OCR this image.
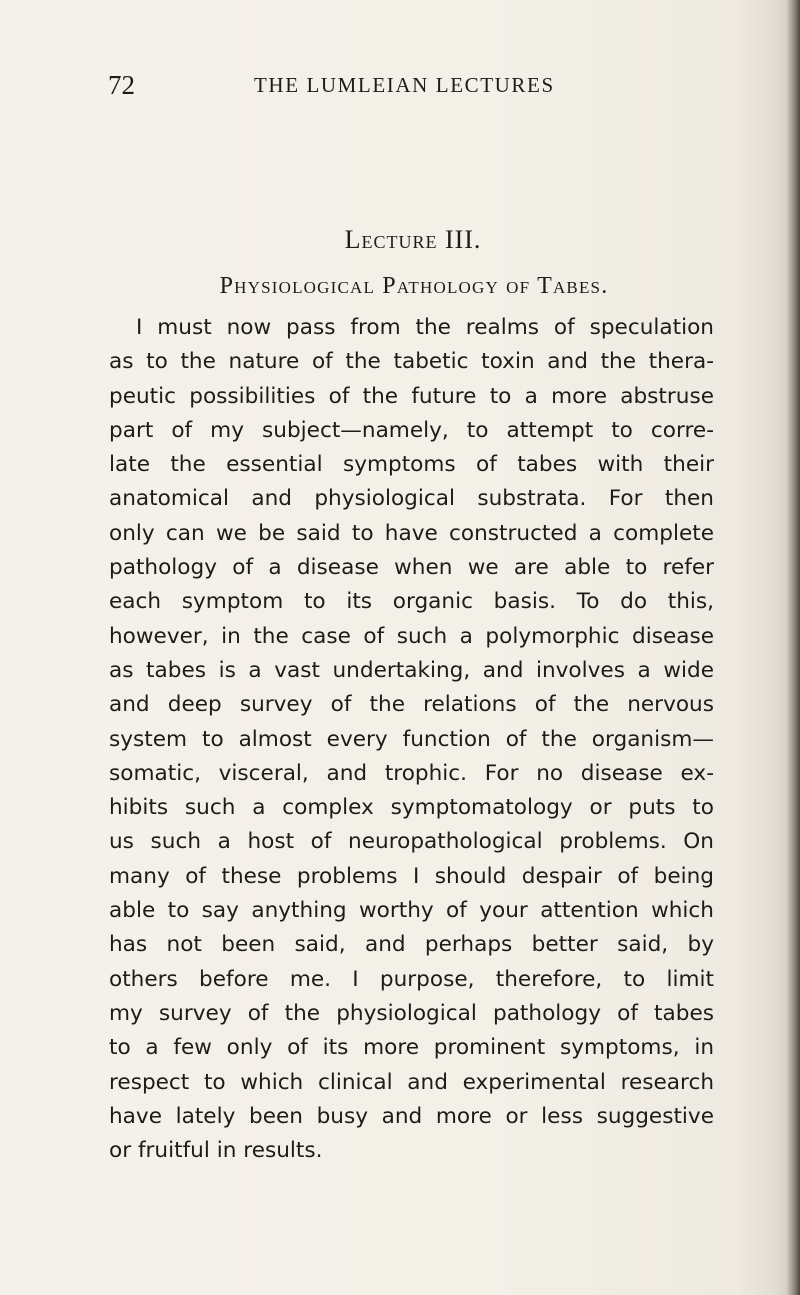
72	THE LUMLEIAN LECTURES
Lecture III.
Physiological Pathology of Tabes.
I must now pass from the realms of speculation
as to the nature of the tabetic toxin and the thera-
peutic possibilities of the future to a more abstruse
part of my subject—namely, to attempt to corre-
late the essential symptoms of tabes with their
anatomical and physiological substrata. For then
only can we be said to have constructed a complete
pathology of a disease when we are able to refer
each symptom to its organic basis. To do this,
however, in the case of such a polymorphic disease
as tabes is a vast undertaking, and involves a wide
and deep survey of the relations of the nervous
system to almost every function of the organism—
somatic, visceral, and trophic. For no disease ex-
hibits such a complex symptomatology or puts to
us such a host of neuropathological problems. On
many of these problems I should despair of being
able to say anything worthy of your attention which
has not been said, and perhaps better said, by
others before me. I purpose, therefore, to limit
my survey of the physiological pathology of tabes
to a few only of its more prominent symptoms, in
respect to which clinical and experimental research
have lately been busy and more or less suggestive
or fruitful in results.
